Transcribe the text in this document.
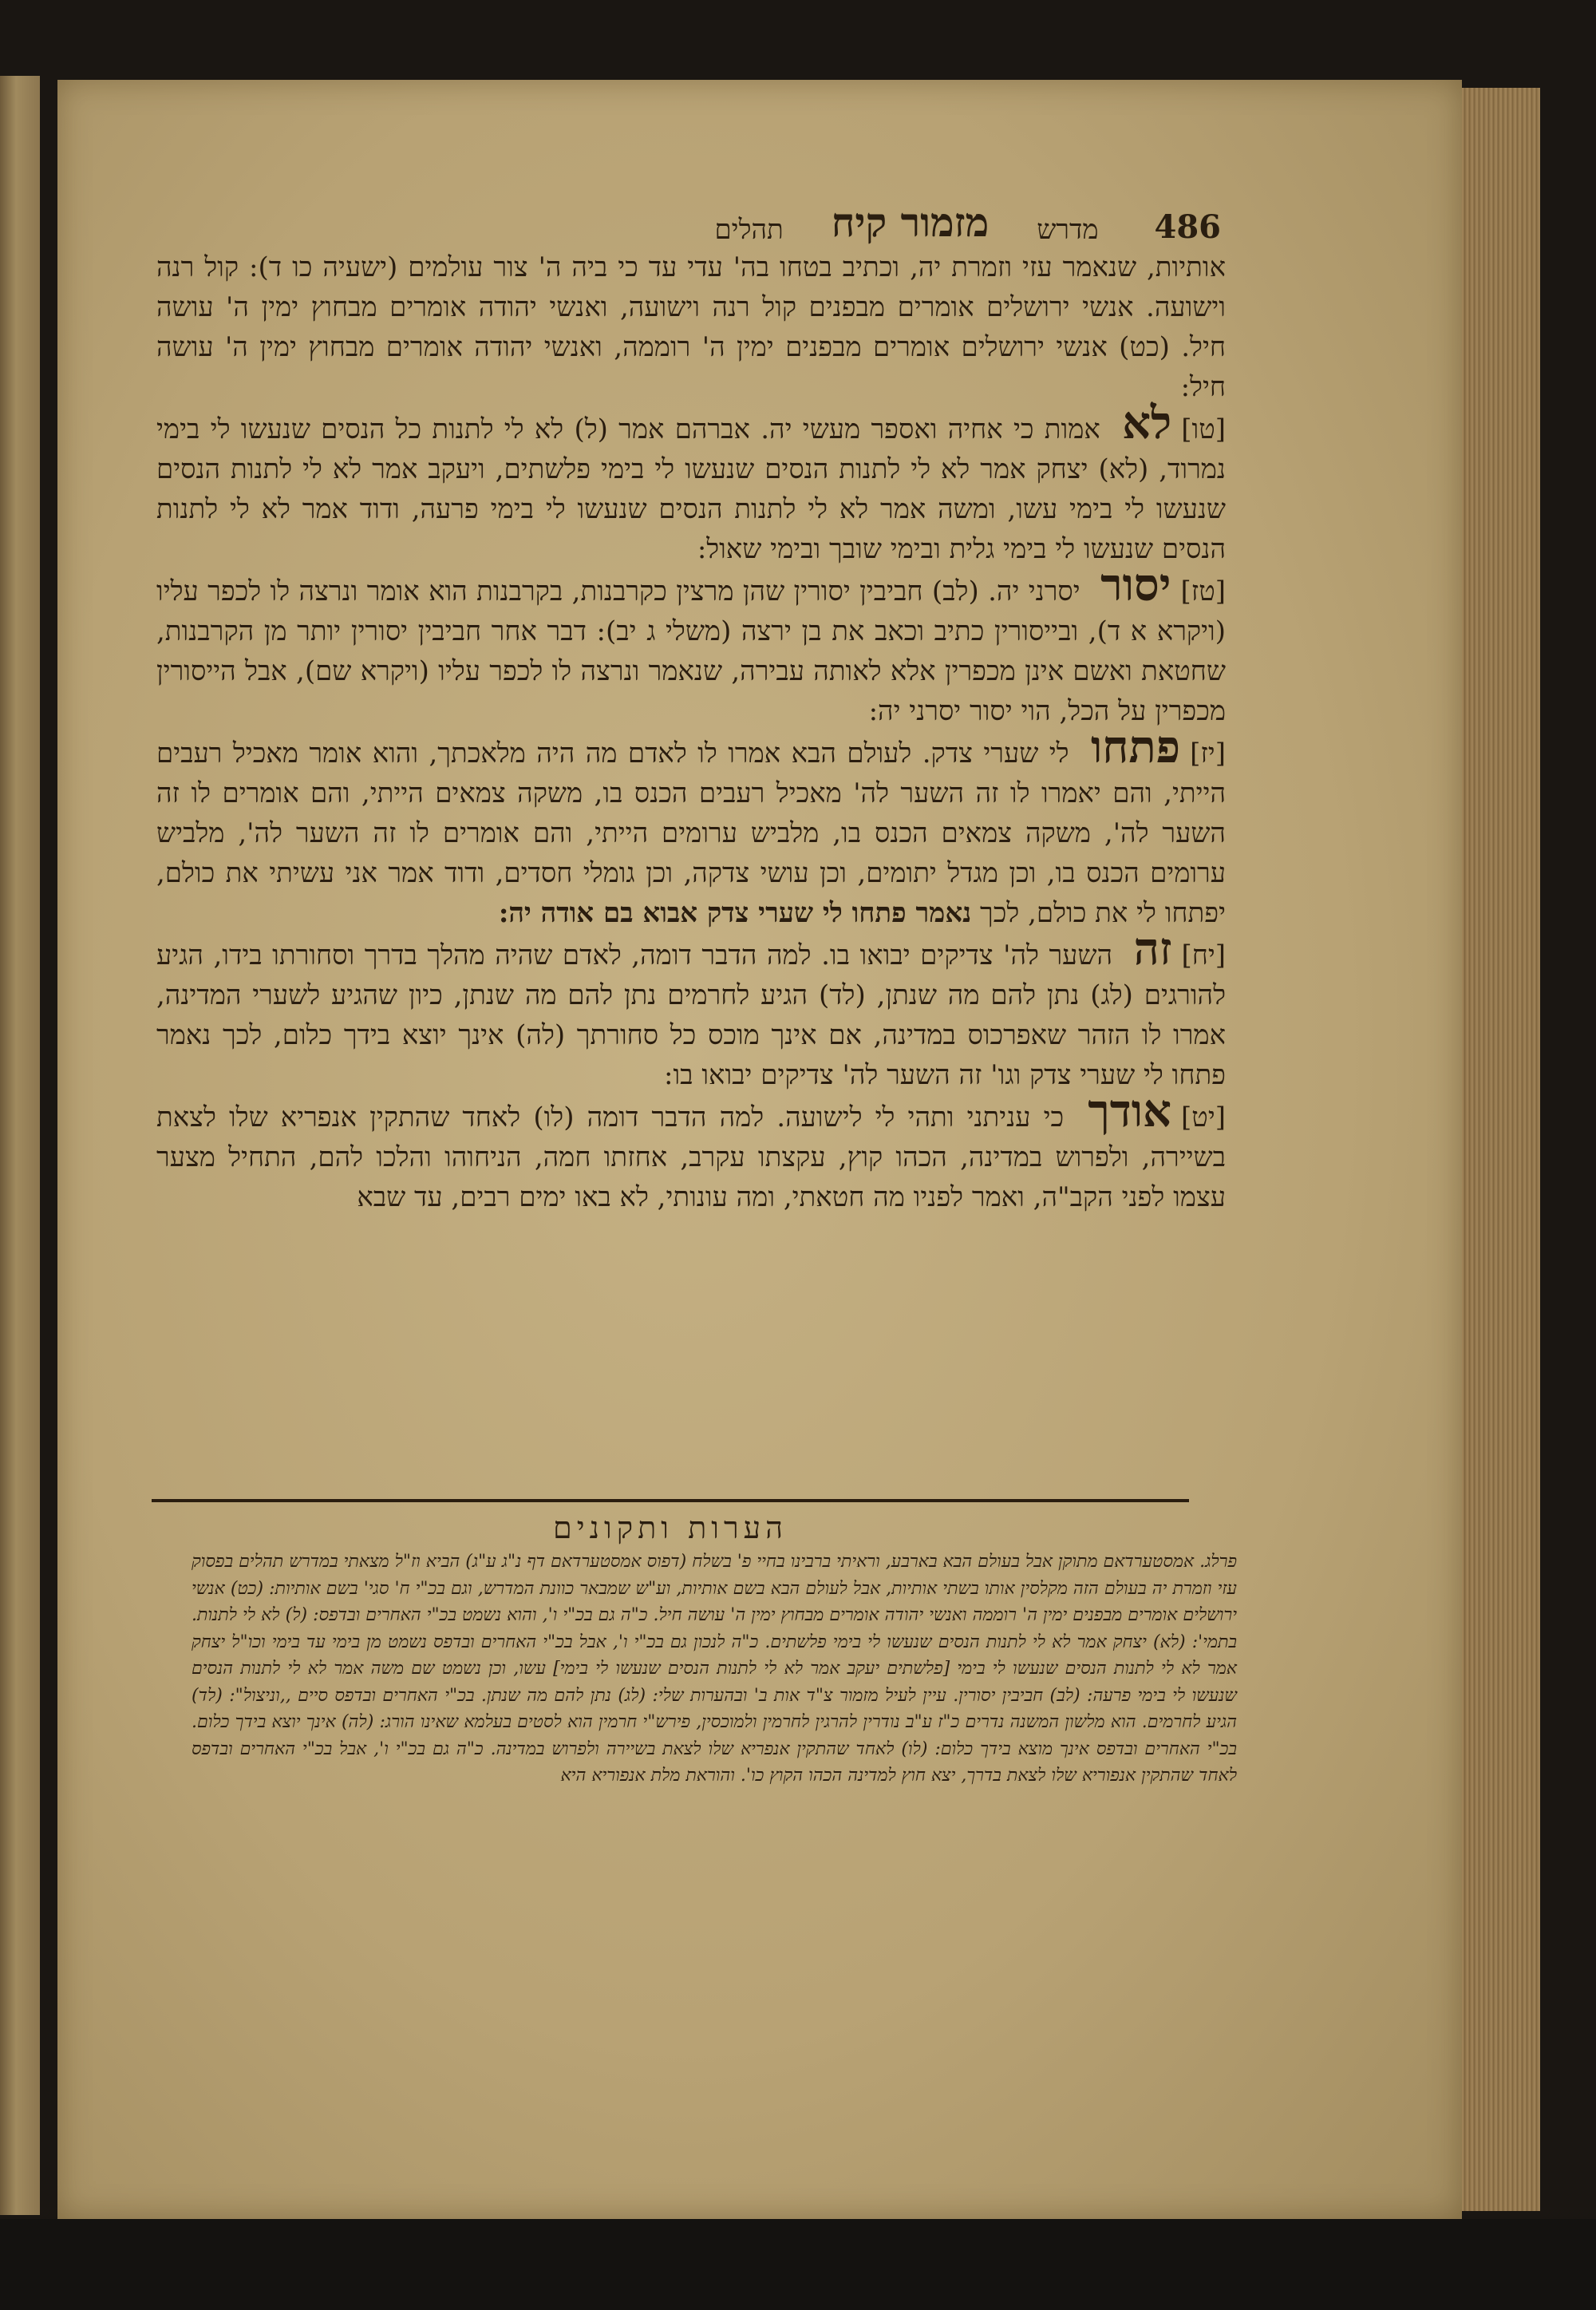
486
מדרש
מזמור קיח
תהלים

אותיות, שנאמר עזי וזמרת יה, וכתיב בטחו בה' עדי עד כי ביה ה' צור עולמים (ישעיה כו ד): קול רנה וישועה. אנשי ירושלים אומרים מבפנים קול רנה וישועה, ואנשי יהודה אומרים מבחוץ ימין ה' עושה חיל. (כט) אנשי ירושלים אומרים מבפנים ימין ה' רוממה, ואנשי יהודה אומרים מבחוץ ימין ה' עושה חיל:

[טו]לא אמות כי אחיה ואספר מעשי יה. אברהם אמר (ל) לא לי לתנות כל הנסים שנעשו לי בימי נמרוד, (לא) יצחק אמר לא לי לתנות הנסים שנעשו לי בימי פלשתים, ויעקב אמר לא לי לתנות הנסים שנעשו לי בימי עשו, ומשה אמר לא לי לתנות הנסים שנעשו לי בימי פרעה, ודוד אמר לא לי לתנות הנסים שנעשו לי בימי גלית ובימי שובך ובימי שאול:

[טז]יסור יסרני יה. (לב) חביבין יסורין שהן מרצין כקרבנות, בקרבנות הוא אומר ונרצה לו לכפר עליו (ויקרא א ד), ובייסורין כתיב וכאב את בן ירצה (משלי ג יב): דבר אחר חביבין יסורין יותר מן הקרבנות, שחטאת ואשם אינן מכפרין אלא לאותה עבירה, שנאמר ונרצה לו לכפר עליו (ויקרא שם), אבל הייסורין מכפרין על הכל, הוי יסור יסרני יה:

[יז]פתחו לי שערי צדק. לעולם הבא אמרו לו לאדם מה היה מלאכתך, והוא אומר מאכיל רעבים הייתי, והם יאמרו לו זה השער לה' מאכיל רעבים הכנס בו, משקה צמאים הייתי, והם אומרים לו זה השער לה', משקה צמאים הכנס בו, מלביש ערומים הייתי, והם אומרים לו זה השער לה', מלביש ערומים הכנס בו, וכן מגדל יתומים, וכן עושי צדקה, וכן גומלי חסדים, ודוד אמר אני עשיתי את כולם, יפתחו לי את כולם, לכך נאמר פתחו לי שערי צדק אבוא בם אודה יה:

[יח]זה השער לה' צדיקים יבואו בו. למה הדבר דומה, לאדם שהיה מהלך בדרך וסחורתו בידו, הגיע להורגים (לג) נתן להם מה שנתן, (לד) הגיע לחרמים נתן להם מה שנתן, כיון שהגיע לשערי המדינה, אמרו לו הזהר שאפרכוס במדינה, אם אינך מוכס כל סחורתך (לה) אינך יוצא בידך כלום, לכך נאמר פתחו לי שערי צדק וגו' זה השער לה' צדיקים יבואו בו:

[יט]אודך כי עניתני ותהי לי לישועה. למה הדבר דומה (לו) לאחד שהתקין אנפריא שלו לצאת בשיירה, ולפרוש במדינה, הכהו קוץ, עקצתו עקרב, אחזתו חמה, הניחוהו והלכו להם, התחיל מצער עצמו לפני הקב"ה, ואמר לפניו מה חטאתי, ומה עונותי, לא באו ימים רבים, עד שבא

הערות ותקונים
פרלג. אמסטערדאם מתוקן אבל בעולם הבא בארבע, וראיתי ברבינו בחיי פ' בשלח (דפוס אמסטערדאם דף נ"ג ע"ג) הביא וז"ל מצאתי במדרש תהלים בפסוק עזי וזמרת יה בעולם הזה מקלסין אותו בשתי אותיות, אבל לעולם הבא בשם אותיות, וע"ש שמבאר כוונת המדרש, וגם בכ"י ח' סגי' בשם אותיות: (כט) אנשי ירושלים אומרים מבפנים ימין ה' רוממה ואנשי יהודה אומרים מבחוץ ימין ה' עושה חיל. כ"ה גם בכ"י ו', והוא נשמט בכ"י האחרים ובדפס: (ל) לא לי לתנות. בתמי': (לא) יצחק אמר לא לי לתנות הנסים שנעשו לי בימי פלשתים. כ"ה לנכון גם בכ"י ו', אבל בכ"י האחרים ובדפס נשמט מן בימי עד בימי וכו"ל יצחק אמר לא לי לתנות הנסים שנעשו לי בימי [פלשתים יעקב אמר לא לי לתנות הנסים שנעשו לי בימי] עשו, וכן נשמט שם משה אמר לא לי לתנות הנסים שנעשו לי בימי פרעה: (לב) חביבין יסורין. עיין לעיל מזמור צ"ד אות ב' ובהערות שלי: (לג) נתן להם מה שנתן. בכ"י האחרים ובדפס סיים ,,וניצול": (לד) הגיע לחרמים. הוא מלשון המשנה נדרים כ"ז ע"ב נודרין להרגין לחרמין ולמוכסין, פירש"י חרמין הוא לסטים בעלמא שאינו הורג: (לה) אינך יוצא בידך כלום. בכ"י האחרים ובדפס אינך מוצא בידך כלום: (לו) לאחד שהתקין אנפריא שלו לצאת בשיירה ולפרוש במדינה. כ"ה גם בכ"י ו', אבל בכ"י האחרים ובדפס לאחד שהתקין אנפוריא שלו לצאת בדרך, יצא חוץ למדינה הכהו הקוץ כו'. והוראת מלת אנפוריא היא
